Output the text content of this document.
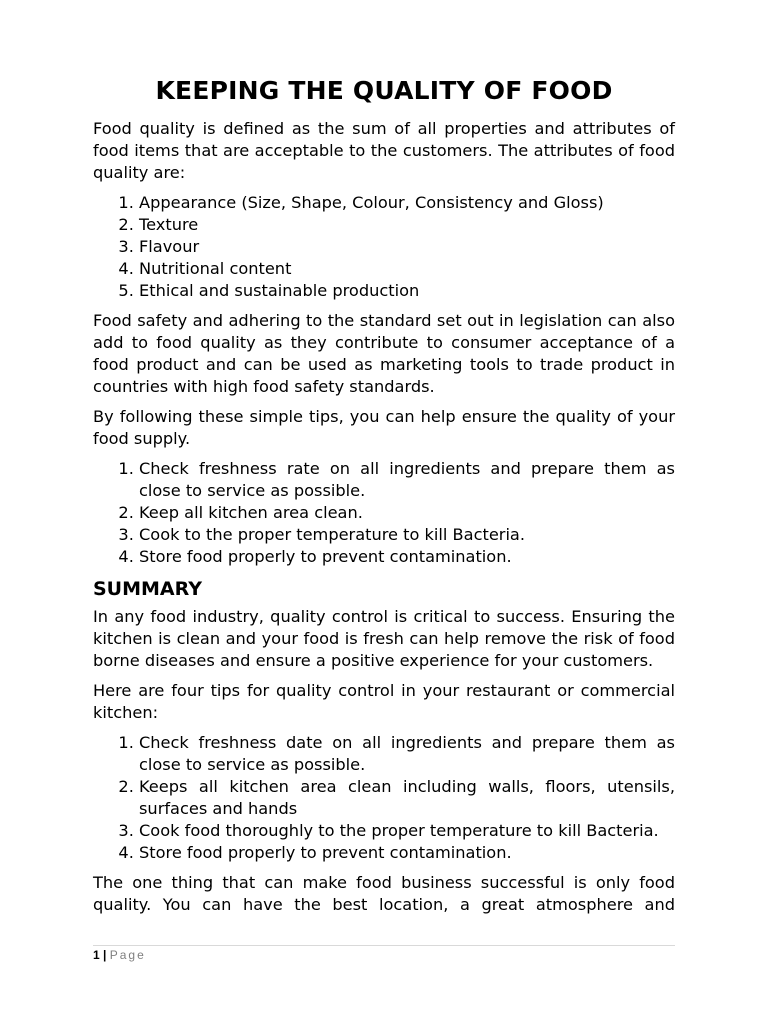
KEEPING THE QUALITY OF FOOD

Food quality is defined as the sum of all properties and attributes of food items that are acceptable to the customers. The attributes of food quality are:

1. Appearance (Size, Shape, Colour, Consistency and Gloss)
2. Texture
3. Flavour
4. Nutritional content
5. Ethical and sustainable production

Food safety and adhering to the standard set out in legislation can also add to food quality as they contribute to consumer acceptance of a food product and can be used as marketing tools to trade product in countries with high food safety standards.

By following these simple tips, you can help ensure the quality of your food supply.

1. Check freshness rate on all ingredients and prepare them as close to service as possible.
2. Keep all kitchen area clean.
3. Cook to the proper temperature to kill Bacteria.
4. Store food properly to prevent contamination.
SUMMARY

In any food industry, quality control is critical to success. Ensuring the kitchen is clean and your food is fresh can help remove the risk of food borne diseases and ensure a positive experience for your customers.

Here are four tips for quality control in your restaurant or commercial kitchen:

1. Check freshness date on all ingredients and prepare them as close to service as possible.
2. Keeps all kitchen area clean including walls, floors, utensils, surfaces and hands
3. Cook food thoroughly to the proper temperature to kill Bacteria.
4. Store food properly to prevent contamination.

The one thing that can make food business successful is only food quality. You can have the best location, a great atmosphere and

1 | Page
